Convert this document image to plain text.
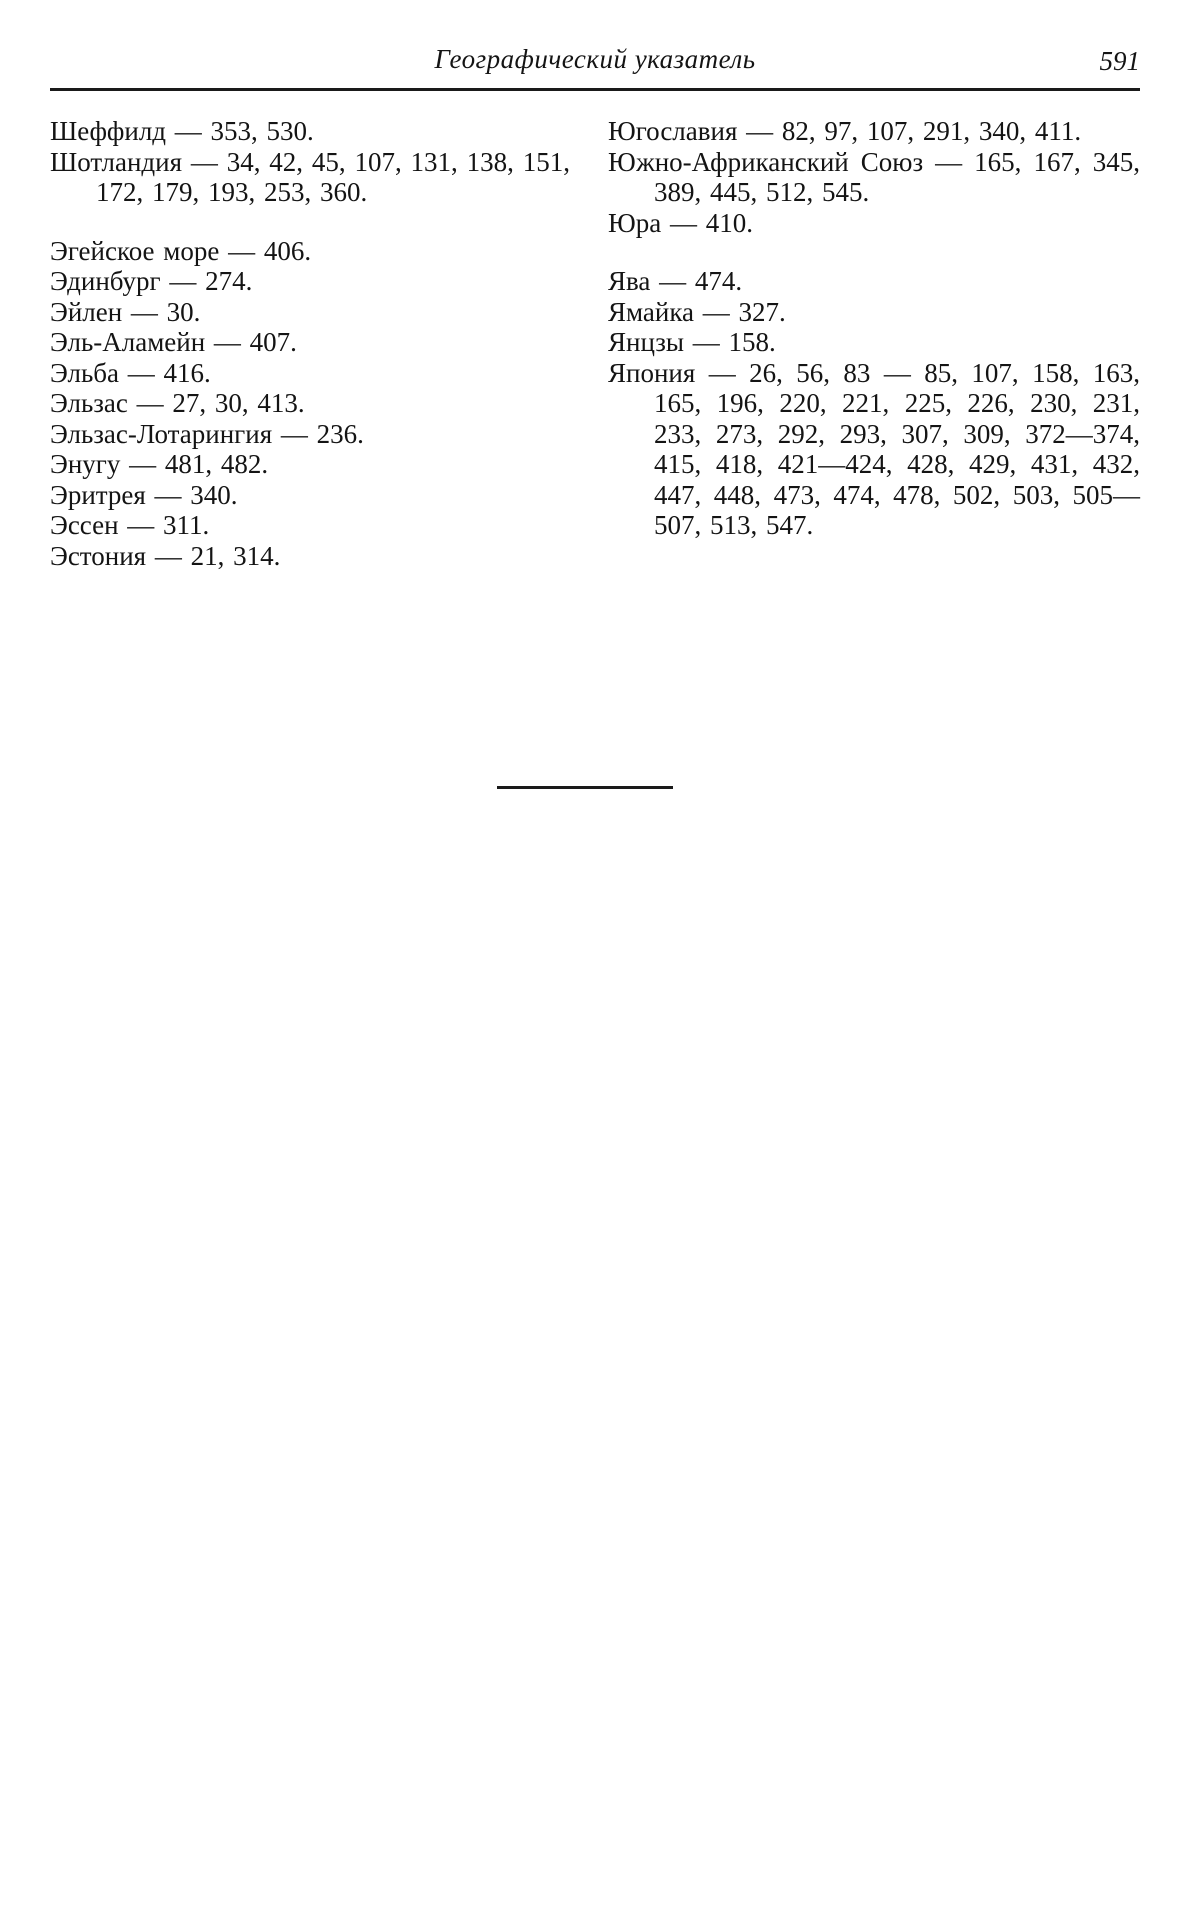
Географический указатель	591
Шеффилд — 353, 530.
Шотландия — 34, 42, 45, 107, 131, 138, 151, 172, 179, 193, 253, 360.
Эгейское море — 406.
Эдинбург — 274.
Эйлен — 30.
Эль-Аламейн — 407.
Эльба — 416.
Эльзас — 27, 30, 413.
Эльзас-Лотарингия — 236.
Энугу — 481, 482.
Эритрея — 340.
Эссен — 311.
Эстония — 21, 314.
Югославия — 82, 97, 107, 291, 340, 411.
Южно-Африканский Союз — 165, 167, 345, 389, 445, 512, 545.
Юра — 410.
Ява — 474.
Ямайка — 327.
Янцзы — 158.
Япония — 26, 56, 83 — 85, 107, 158, 163, 165, 196, 220, 221, 225, 226, 230, 231, 233, 273, 292, 293, 307, 309, 372—374, 415, 418, 421—424, 428, 429, 431, 432, 447, 448, 473, 474, 478, 502, 503, 505—507, 513, 547.
